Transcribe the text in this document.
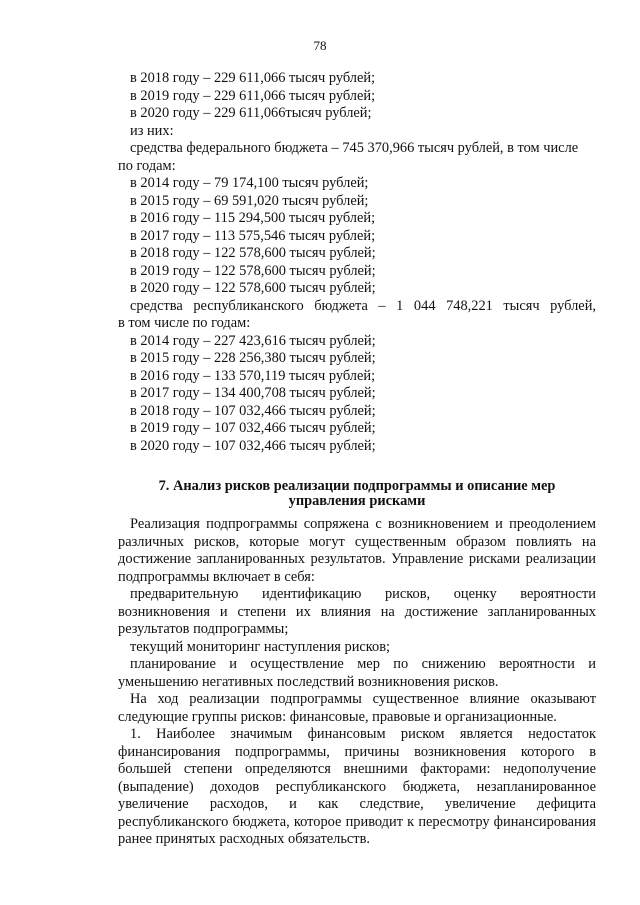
78
в 2018 году – 229 611,066 тысяч рублей;
в 2019 году – 229 611,066 тысяч рублей;
в 2020 году – 229 611,066тысяч рублей;
из них:
средства федерального бюджета – 745 370,966 тысяч рублей, в том числе
по годам:
в 2014 году – 79 174,100 тысяч рублей;
в 2015 году – 69 591,020 тысяч рублей;
в 2016 году – 115 294,500 тысяч рублей;
в 2017 году – 113 575,546 тысяч рублей;
в 2018 году – 122 578,600 тысяч рублей;
в 2019 году – 122 578,600 тысяч рублей;
в 2020 году – 122 578,600 тысяч рублей;
средства республиканского бюджета – 1 044 748,221 тысяч рублей,
в том числе по годам:
в 2014 году – 227 423,616 тысяч рублей;
в 2015 году – 228 256,380 тысяч рублей;
в 2016 году – 133 570,119 тысяч рублей;
в 2017 году – 134 400,708 тысяч рублей;
в 2018 году – 107 032,466 тысяч рублей;
в 2019 году – 107 032,466 тысяч рублей;
в 2020 году – 107 032,466 тысяч рублей;
7. Анализ рисков реализации подпрограммы и описание мер
управления рисками
Реализация подпрограммы сопряжена с возникновением и преодолением различных рисков, которые могут существенным образом повлиять на достижение запланированных результатов. Управление рисками реализации подпрограммы включает в себя:
предварительную идентификацию рисков, оценку вероятности возникновения и степени их влияния на достижение запланированных результатов подпрограммы;
текущий мониторинг наступления рисков;
планирование и осуществление мер по снижению вероятности и уменьшению негативных последствий возникновения рисков.
На ход реализации подпрограммы существенное влияние оказывают следующие группы рисков: финансовые, правовые и организационные.
1. Наиболее значимым финансовым риском является недостаток финансирования подпрограммы, причины возникновения которого в большей степени определяются внешними факторами: недополучение (выпадение) доходов республиканского бюджета, незапланированное увеличение расходов, и как следствие, увеличение дефицита республиканского бюджета, которое приводит к пересмотру финансирования ранее принятых расходных обязательств.
